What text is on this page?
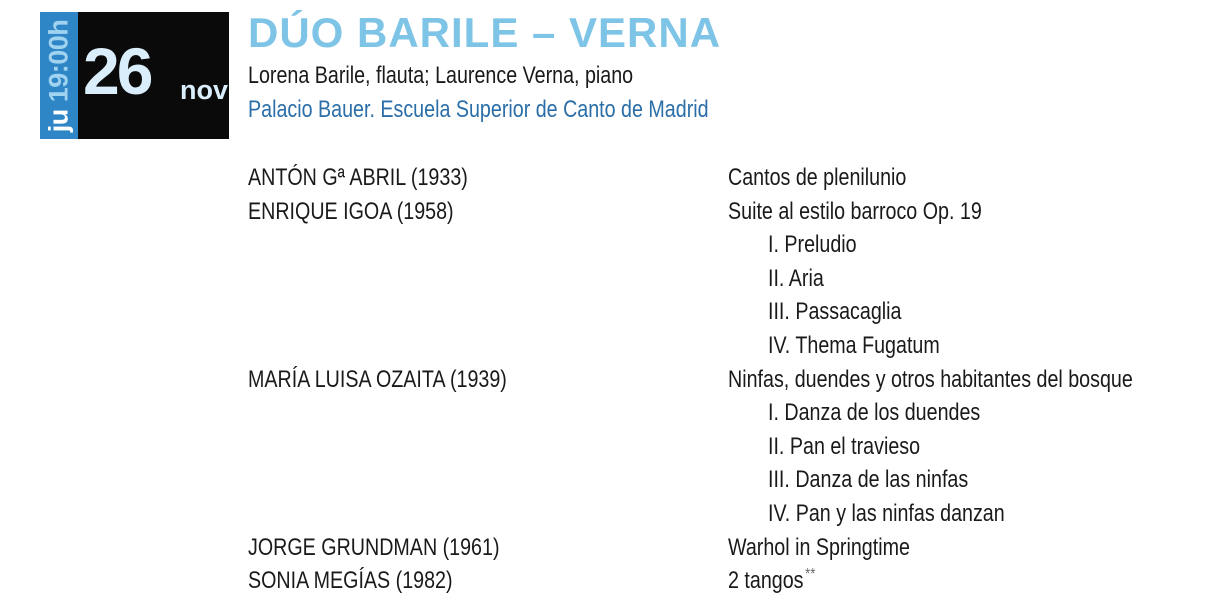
ju
19:00h 26 nov
DÚO BARILE – VERNA
Lorena Barile, flauta; Laurence Verna, piano
Palacio Bauer. Escuela Superior de Canto de Madrid
ANTÓN Gª ABRIL (1933)	Cantos de plenilunio
ENRIQUE IGOA (1958)	Suite al estilo barroco Op. 19
I. Preludio
II. Aria
III. Passacaglia
IV. Thema Fugatum
MARÍA LUISA OZAITA (1939)	Ninfas, duendes y otros habitantes del bosque
I. Danza de los duendes
II. Pan el travieso
III. Danza de las ninfas
IV. Pan y las ninfas danzan
JORGE GRUNDMAN (1961)	Warhol in Springtime
SONIA MEGÍAS (1982)	2 tangos **
